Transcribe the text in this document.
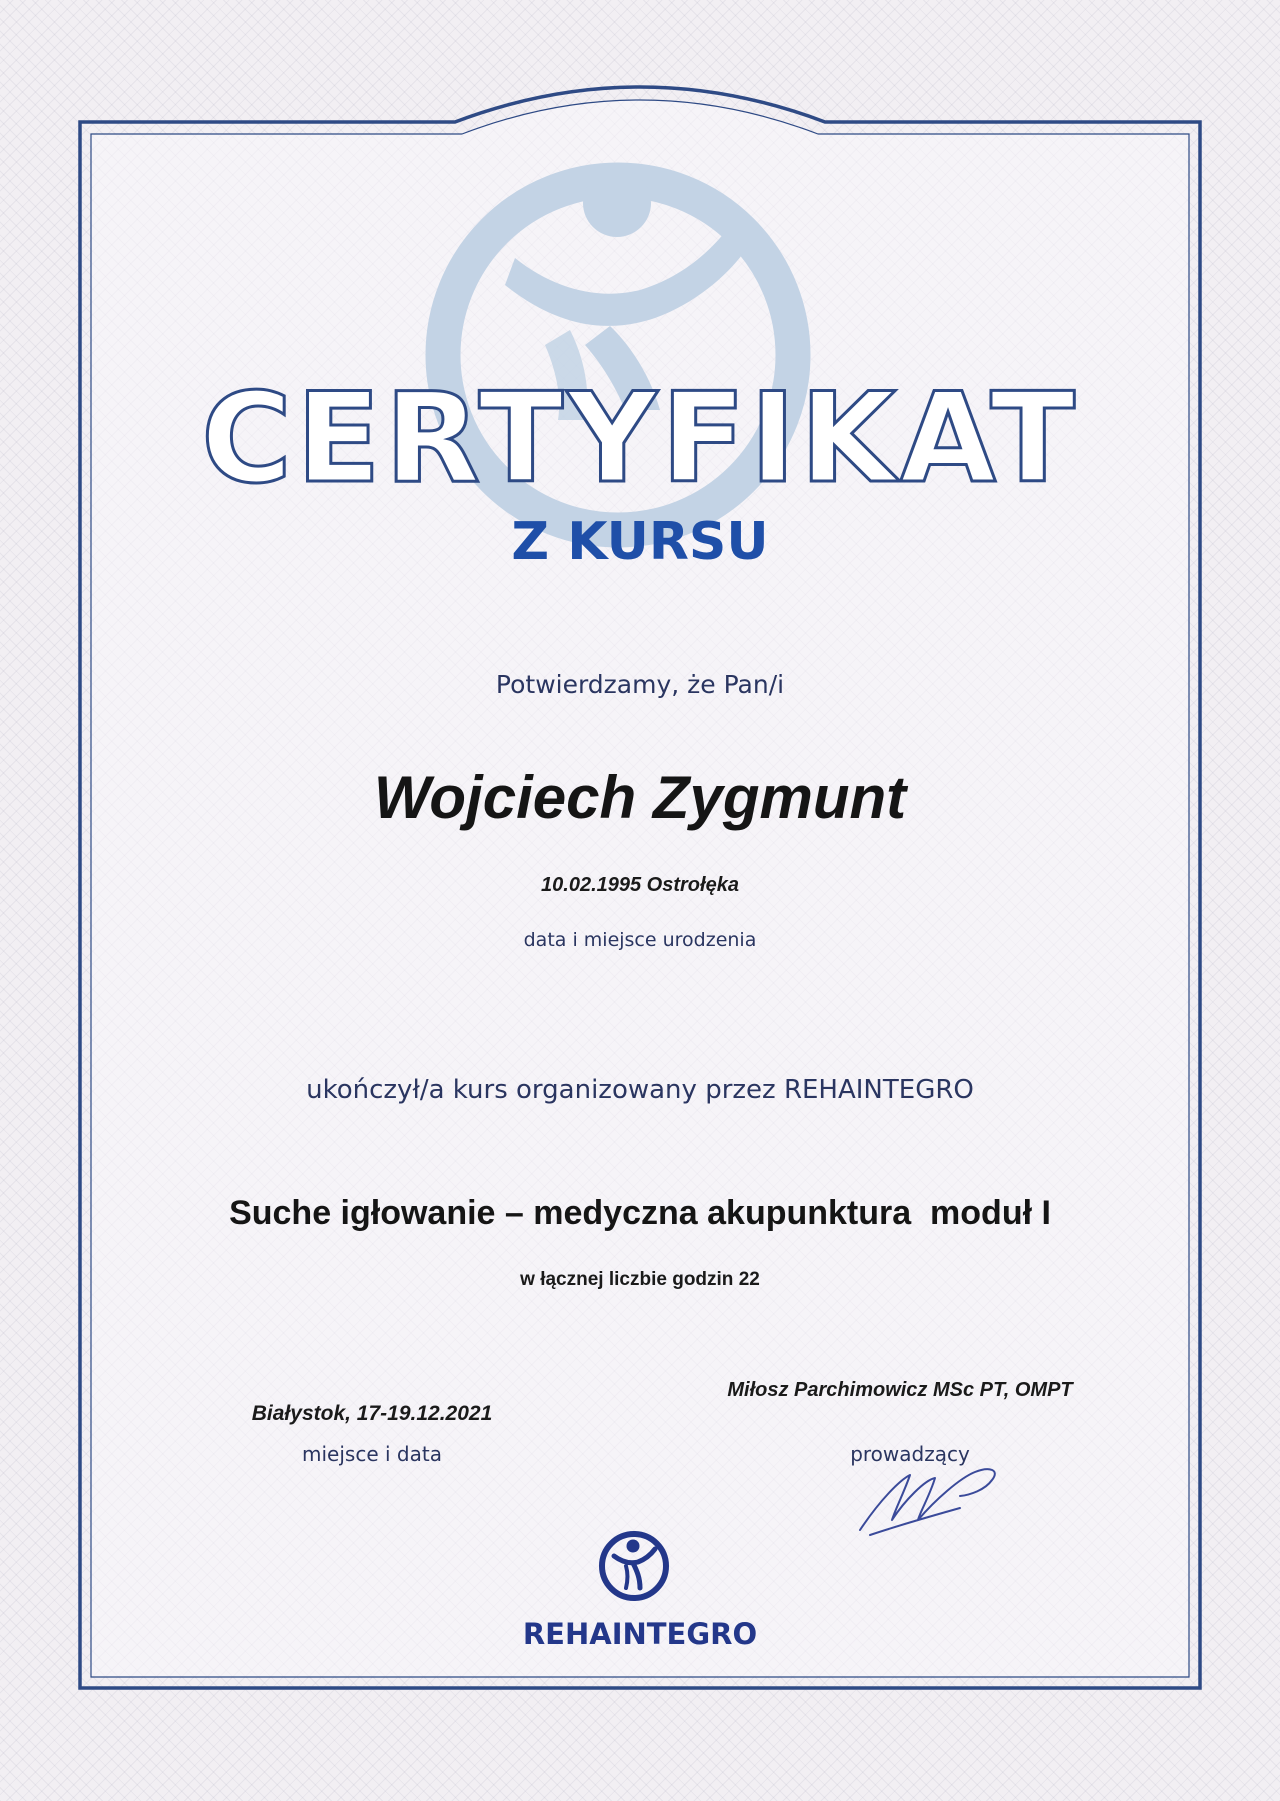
CERTYFIKAT
Z KURSU
Potwierdzamy, że Pan/i
Wojciech Zygmunt
10.02.1995 Ostrołęka
data i miejsce urodzenia
ukończył/a kurs organizowany przez REHAINTEGRO
Suche igłowanie – medyczna akupunktura  moduł I
w łącznej liczbie godzin 22
Białystok, 17-19.12.2021
miejsce i data
Miłosz Parchimowicz MSc PT, OMPT
prowadzący
REHAINTEGRO
